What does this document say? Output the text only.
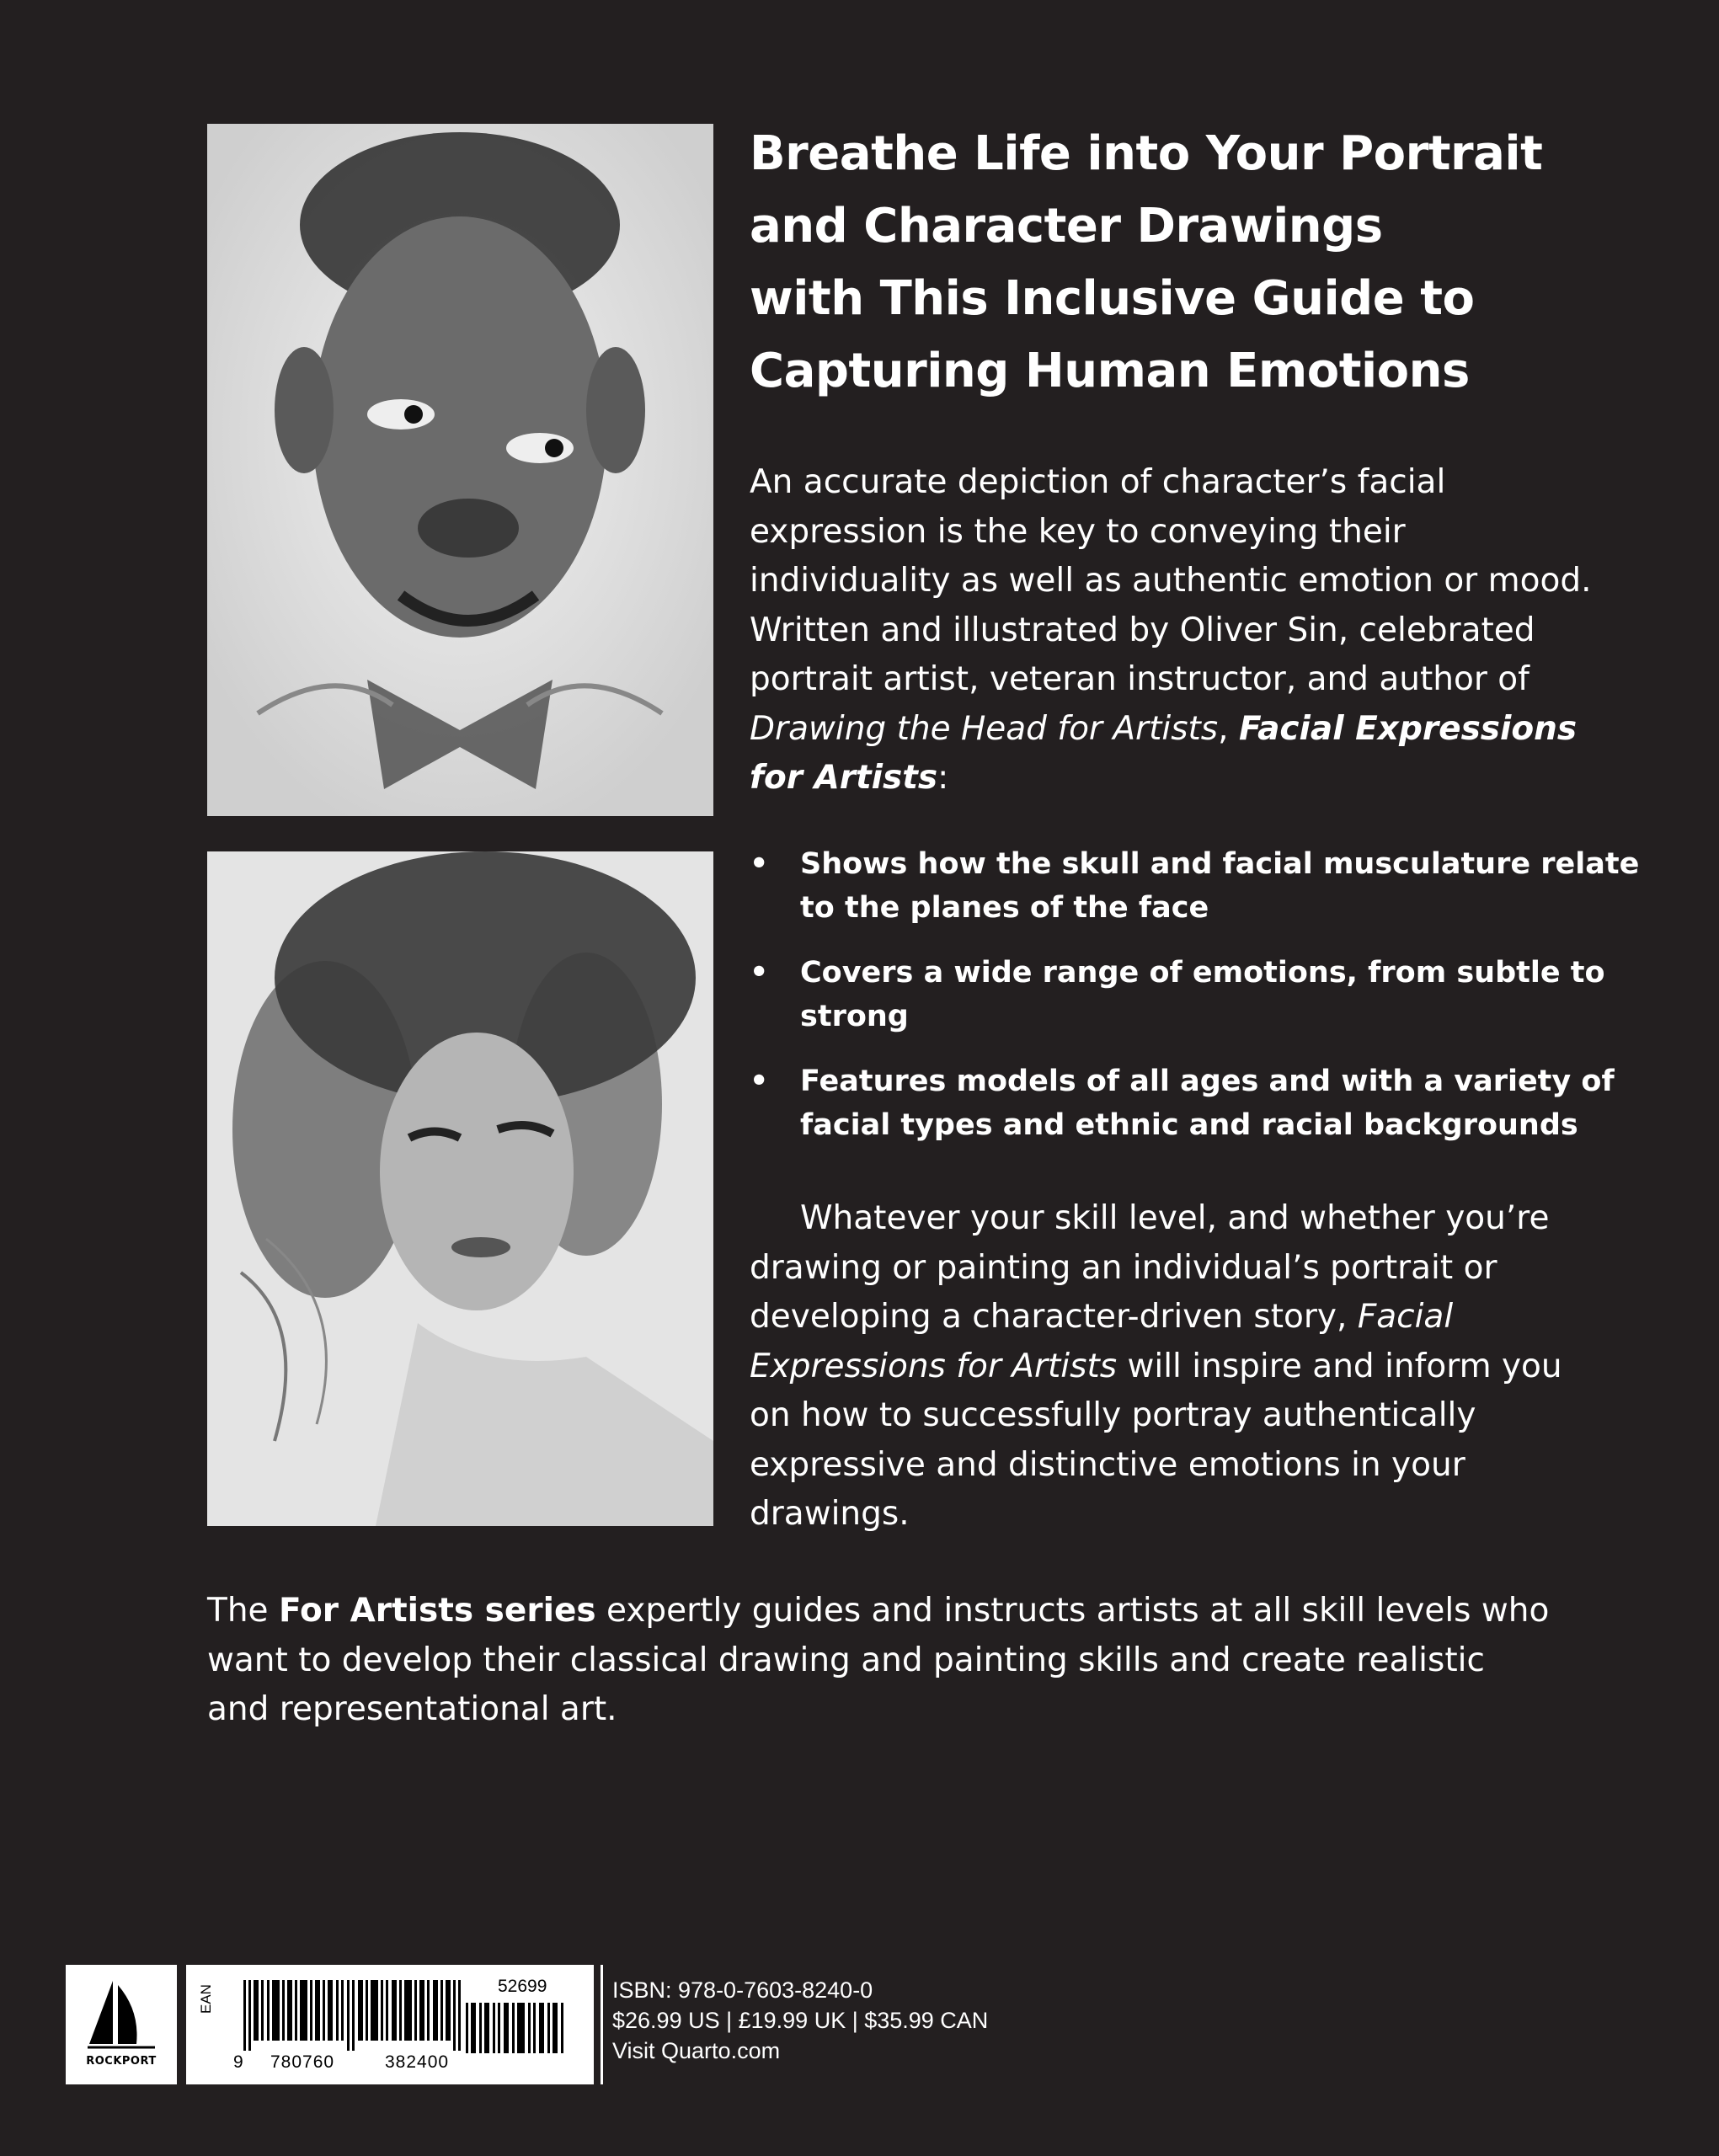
Breathe Life into Your Portrait
and Character Drawings
with This Inclusive Guide to
Capturing Human Emotions
An accurate depiction of character’s facial expression is the key to conveying their individuality as well as authentic emotion or mood. Written and illustrated by Oliver Sin, celebrated portrait artist, veteran instructor, and author of Drawing the Head for Artists, Facial Expressions for Artists:
• Shows how the skull and facial musculature relate to the planes of the face
• Covers a wide range of emotions, from subtle to strong
• Features models of all ages and with a variety of facial types and ethnic and racial backgrounds
Whatever your skill level, and whether you’re drawing or painting an individual’s portrait or developing a character-driven story, Facial Expressions for Artists will inspire and inform you on how to successfully portray authentically expressive and distinctive emotions in your drawings.
The For Artists series expertly guides and instructs artists at all skill levels who want to develop their classical drawing and painting skills and create realistic and representational art.
ROCKPORT
EAN
9 780760	382400
52699	ISBN: 978-0-7603-8240-0
$26.99 US | £19.99 UK | $35.99 CAN
Visit Quarto.com
